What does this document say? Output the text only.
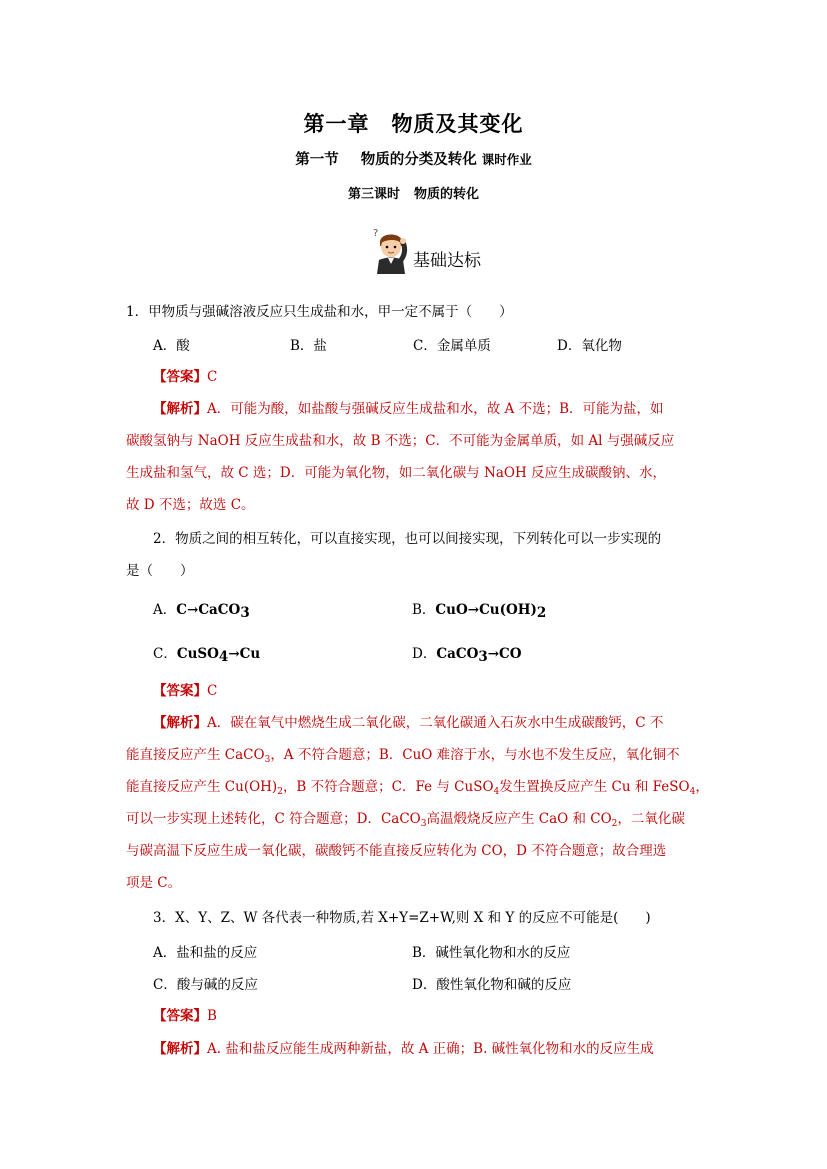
第一章　物质及其变化
第一节 物质的分类及转化 课时作业
第三课时 物质的转化
?
基础达标
1．甲物质与强碱溶液反应只生成盐和水，甲一定不属于（　　）
A．酸	B．盐	C．金属单质	D．氧化物
【答案】C
【解析】A．可能为酸，如盐酸与强碱反应生成盐和水，故 A 不选；B．可能为盐，如
碳酸氢钠与 NaOH 反应生成盐和水，故 B 不选；C．不可能为金属单质，如 Al 与强碱反应
生成盐和氢气，故 C 选；D．可能为氧化物，如二氧化碳与 NaOH 反应生成碳酸钠、水，
故 D 不选；故选 C。
2．物质之间的相互转化，可以直接实现，也可以间接实现，下列转化可以一步实现的
是（　　）
A．C→CaCO$_3$	B．$CuO\to Cu(OH)_2$
C．CuSO$_4$→Cu	D．CaCO$_3$→CO
【答案】C
【解析】A．碳在氧气中燃烧生成二氧化碳，二氧化碳通入石灰水中生成碳酸钙，C 不
能直接反应产生 CaCO$_3$，A 不符合题意；B．CuO 难溶于水，与水也不发生反应，氧化铜不
能直接反应产生 $Cu(OH)_2$，B 不符合题意；C．Fe 与 CuSO$_4$发生置换反应产生 Cu 和 FeSO$_4$，
可以一步实现上述转化，C 符合题意；D．CaCO$_3$高温煅烧反应产生 CaO 和 $CO_2$，二氧化碳
与碳高温下反应生成一氧化碳，碳酸钙不能直接反应转化为 CO，D 不符合题意；故合理选
项是 C。
3．X、Y、Z、W 各代表一种物质,若 X+Y=Z+W,则 X 和 Y 的反应不可能是(　　)
A．盐和盐的反应	B．碱性氧化物和水的反应
C．酸与碱的反应	D．酸性氧化物和碱的反应
【答案】B
【解析】A. 盐和盐反应能生成两种新盐，故 A 正确；B. 碱性氧化物和水的反应生成
